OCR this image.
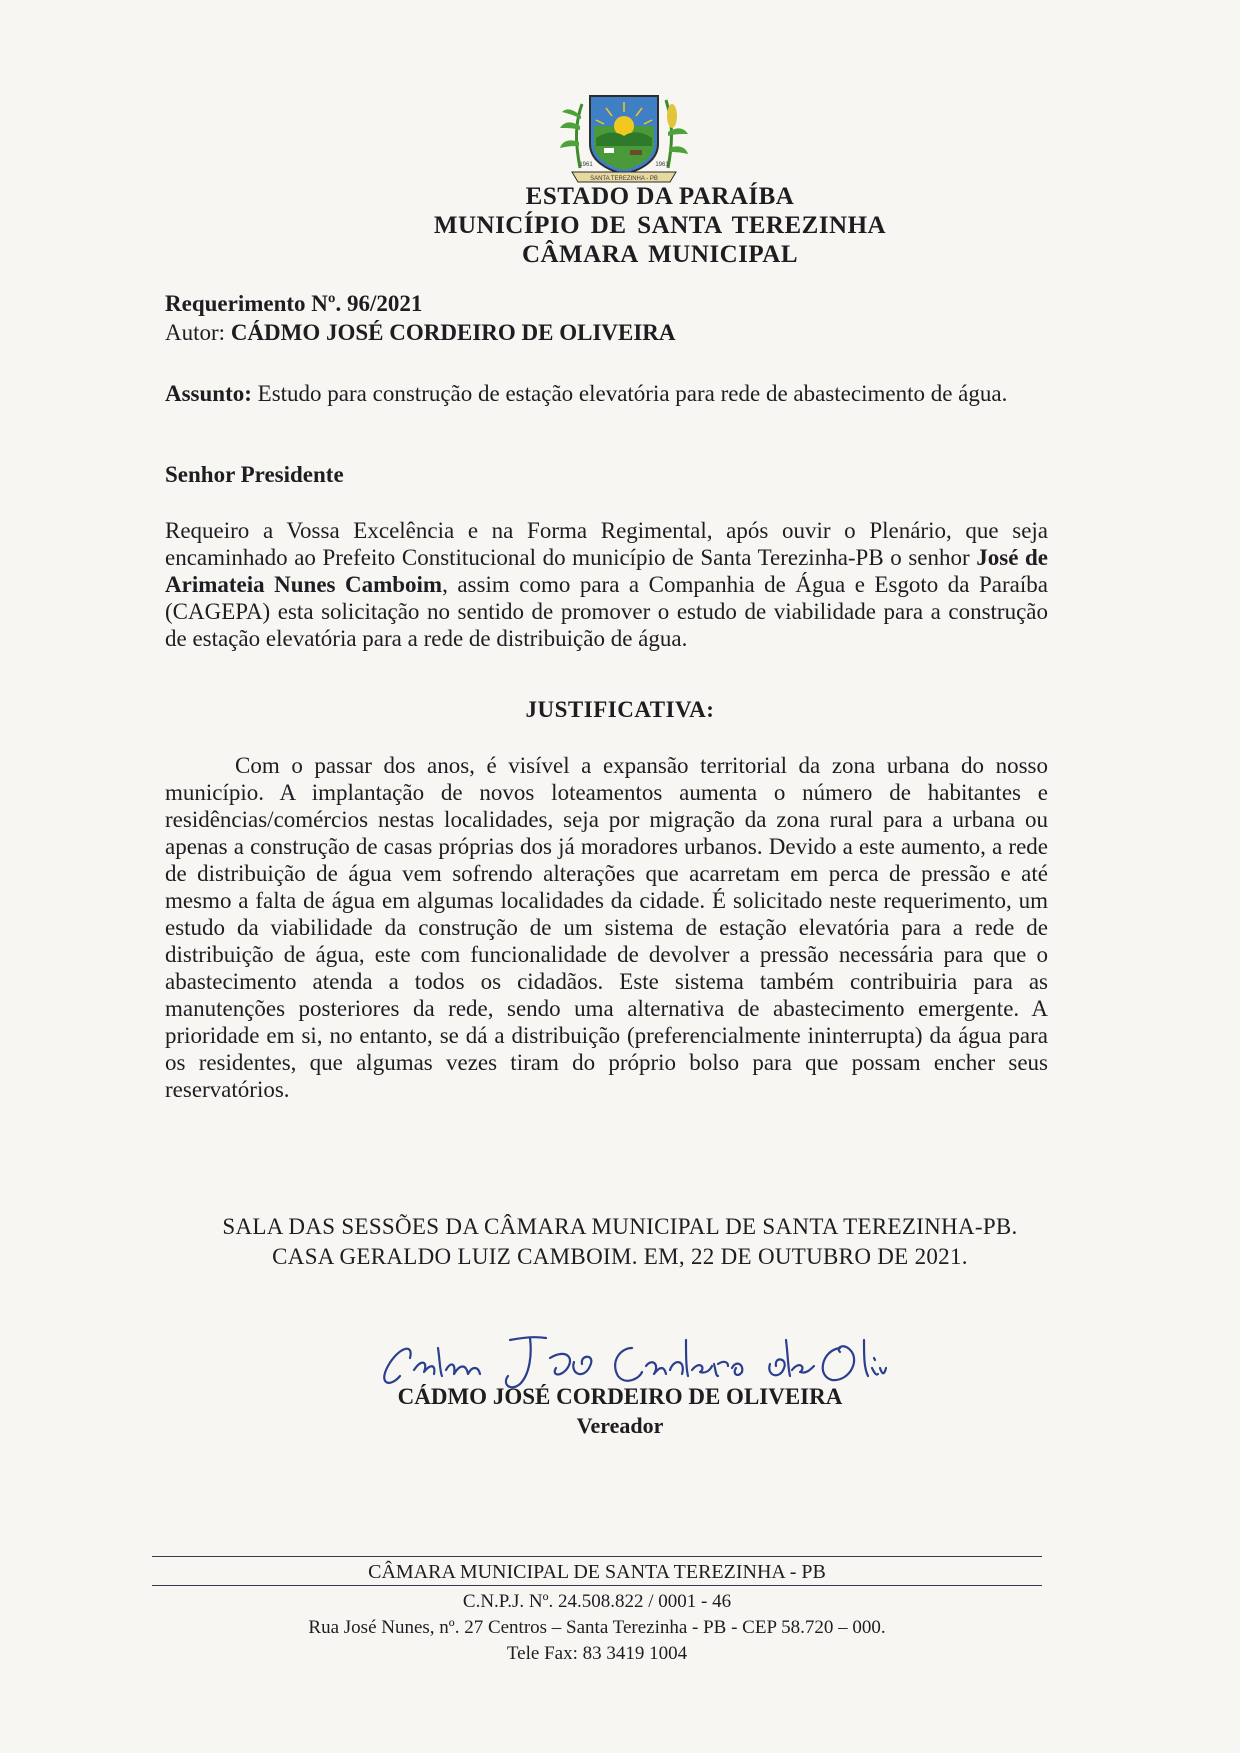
SANTA TEREZINHA - PB
1961	1961
ESTADO DA PARAÍBA
MUNICÍPIO DE SANTA TEREZINHA
CÂMARA MUNICIPAL
Requerimento Nº. 96/2021
Autor: CÁDMO JOSÉ CORDEIRO DE OLIVEIRA
Assunto: Estudo para construção de estação elevatória para rede de abastecimento de água.
Senhor Presidente
Requeiro a Vossa Excelência e na Forma Regimental, após ouvir o Plenário, que seja encaminhado ao Prefeito Constitucional do município de Santa Terezinha-PB o senhor José de Arimateia Nunes Camboim, assim como para a Companhia de Água e Esgoto da Paraíba (CAGEPA) esta solicitação no sentido de promover o estudo de viabilidade para a construção de estação elevatória para a rede de distribuição de água.
JUSTIFICATIVA:
Com o passar dos anos, é visível a expansão territorial da zona urbana do nosso município. A implantação de novos loteamentos aumenta o número de habitantes e residências/comércios nestas localidades, seja por migração da zona rural para a urbana ou apenas a construção de casas próprias dos já moradores urbanos. Devido a este aumento, a rede de distribuição de água vem sofrendo alterações que acarretam em perca de pressão e até mesmo a falta de água em algumas localidades da cidade. É solicitado neste requerimento, um estudo da viabilidade da construção de um sistema de estação elevatória para a rede de distribuição de água, este com funcionalidade de devolver a pressão necessária para que o abastecimento atenda a todos os cidadãos. Este sistema também contribuiria para as manutenções posteriores da rede, sendo uma alternativa de abastecimento emergente. A prioridade em si, no entanto, se dá a distribuição (preferencialmente ininterrupta) da água para os residentes, que algumas vezes tiram do próprio bolso para que possam encher seus reservatórios.
SALA DAS SESSÕES DA CÂMARA MUNICIPAL DE SANTA TEREZINHA-PB.
CASA GERALDO LUIZ CAMBOIM. EM, 22 DE OUTUBRO DE 2021.
CÁDMO JOSÉ CORDEIRO DE OLIVEIRA
Vereador
CÂMARA MUNICIPAL DE SANTA TEREZINHA - PB
C.N.P.J. Nº. 24.508.822 / 0001 - 46
Rua José Nunes, nº. 27 Centros – Santa Terezinha - PB - CEP 58.720 – 000.
Tele Fax: 83 3419 1004
